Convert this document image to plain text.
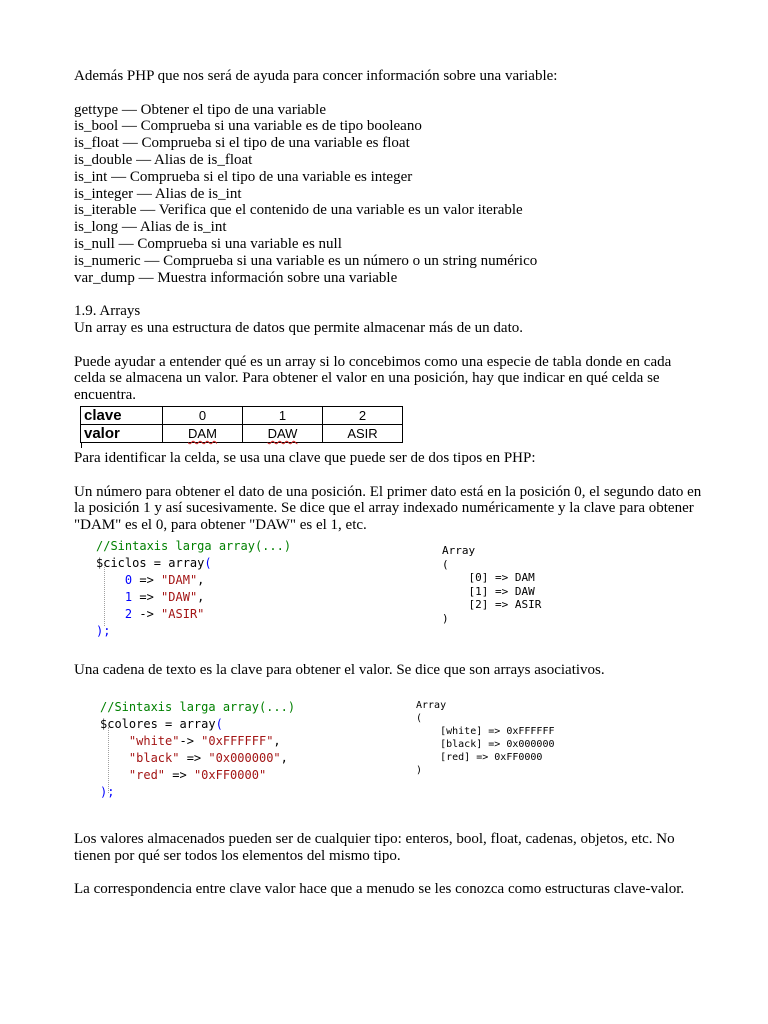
Además PHP que nos será de ayuda para concer información sobre una variable:

gettype — Obtener el tipo de una variable

is_bool — Comprueba si una variable es de tipo booleano

is_float — Comprueba si el tipo de una variable es float

is_double — Alias de is_float

is_int — Comprueba si el tipo de una variable es integer

is_integer — Alias de is_int

is_iterable — Verifica que el contenido de una variable es un valor iterable

is_long — Alias de is_int

is_null — Comprueba si una variable es null

is_numeric — Comprueba si una variable es un número o un string numérico

var_dump — Muestra información sobre una variable

1.9. Arrays

Un array es una estructura de datos que permite almacenar más de un dato.

Puede ayudar a entender qué es un array si lo concebimos como una especie de tabla donde en cada celda se almacena un valor. Para obtener el valor en una posición, hay que indicar en qué celda se encuentra.

clave	0	1	2
valor	DAM	DAW	ASIR

Para identificar la celda, se usa una clave que puede ser de dos tipos en PHP:

Un número para obtener el dato de una posición. El primer dato está en la posición 0, el segundo dato en la posición 1 y así sucesivamente. Se dice que el array indexado numéricamente y la clave para obtener "DAM" es el 0, para obtener "DAW" es el 1, etc.

//Sintaxis larga array(...)
$ciclos = array(
0 => "DAM",
1 => "DAW",
2 -> "ASIR"
);
Array
(
[0] => DAM
[1] => DAW
[2] => ASIR
)

Una cadena de texto es la clave para obtener el valor. Se dice que son arrays asociativos.

//Sintaxis larga array(...)
$colores = array(
"white"-> "0xFFFFFF",
"black" => "0x000000",
"red" => "0xFF0000"
);
Array
(
[white] => 0xFFFFFF
[black] => 0x000000
[red] => 0xFF0000
)

Los valores almacenados pueden ser de cualquier tipo: enteros, bool, float, cadenas, objetos, etc. No tienen por qué ser todos los elementos del mismo tipo.

La correspondencia entre clave valor hace que a menudo se les conozca como estructuras clave-valor.
